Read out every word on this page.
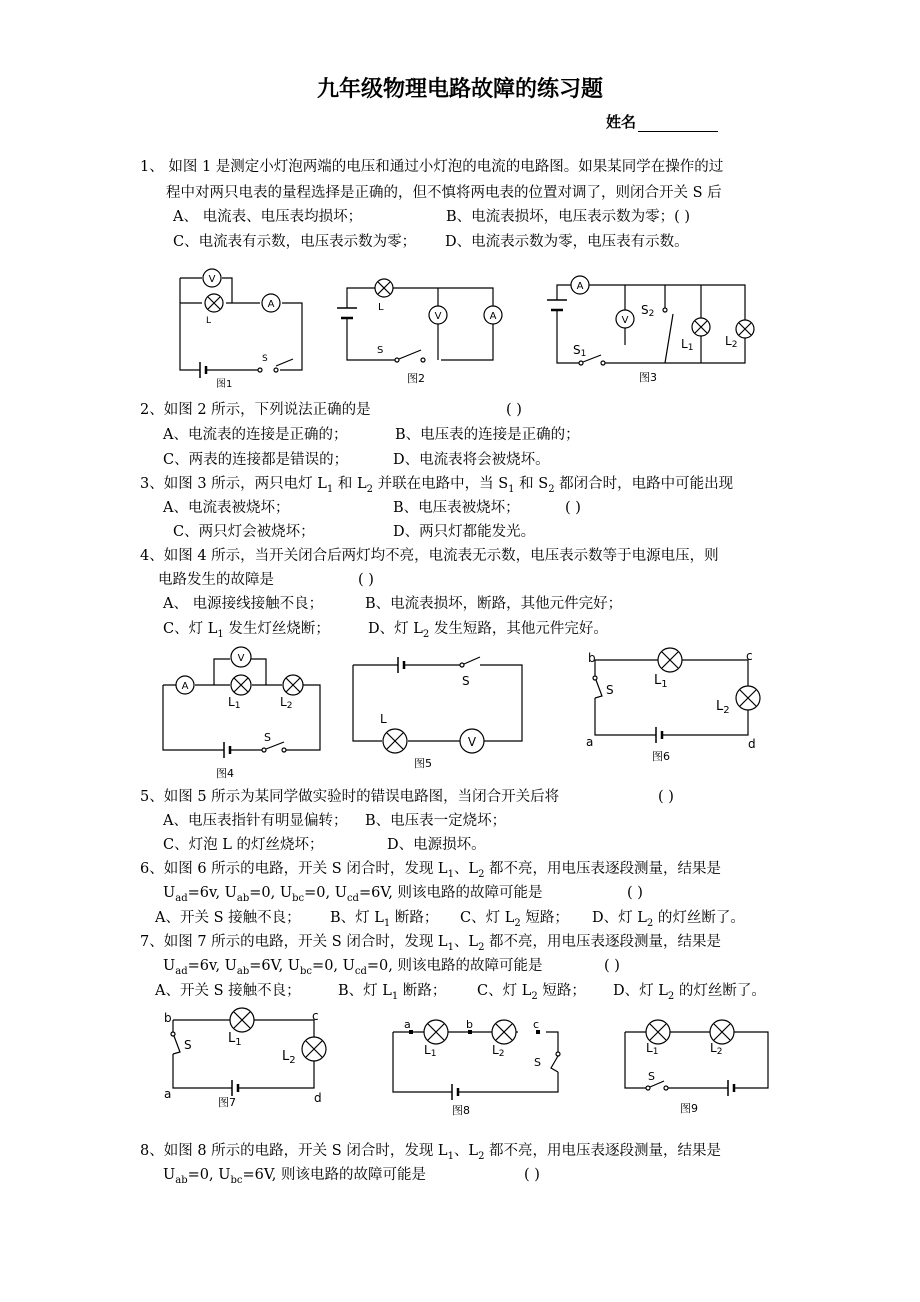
九年级物理电路故障的练习题
姓名
1、 如图 1 是测定小灯泡两端的电压和通过小灯泡的电流的电路图。如果某同学在操作的过
程中对两只电表的量程选择是正确的，但不慎将两电表的位置对调了，则闭合开关 S 后
A、 电流表、电压表均损坏；	B、电流表损坏，电压表示数为零；( )
C、电流表有示数，电压表示数为零； D、电流表示数为零，电压表有示数。
V
A
L
S
图1
V	A
L
S
图2
A
V
S2
L1	L2
S1
图3
2、如图 2 所示，下列说法正确的是	( )
A、电流表的连接是正确的；	B、电压表的连接是正确的；
C、两表的连接都是错误的；	D、电流表将会被烧坏。
3、如图 3 所示，两只电灯 $L_1$ 和 $L_2$ 并联在电路中，当 $S_1$ 和 $S_2$ 都闭合时，电路中可能出现
A、电流表被烧坏；	B、电压表被烧坏；	( )
C、两只灯会被烧坏；	D、两只灯都能发光。
4、如图 4 所示，当开关闭合后两灯均不亮，电流表无示数，电压表示数等于电源电压，则
电路发生的故障是	( )
A、 电源接线接触不良；	B、电流表损坏，断路，其他元件完好；
C、灯 $L_1$ 发生灯丝烧断；	D、灯 $L_2$ 发生短路，其他元件完好。
A
V
L1	L2
S
图4
V
S
L
图5
b	c
a	d
S
$L_1$
$L_2$
图6
5、如图 5 所示为某同学做实验时的错误电路图，当闭合开关后将	( )
A、电压表指针有明显偏转； B、电压表一定烧坏；
C、灯泡 L 的灯丝烧坏；	D、电源损坏。
6、如图 6 所示的电路，开关 S 闭合时，发现 $L_1$、$L_2$ 都不亮，用电压表逐段测量，结果是
$U_{ad}=6v$, $U_{ab}=0$, $U_{bc}=0$, $U_{cd}=6V$, 则该电路的故障可能是	( )
A、开关 S 接触不良； B、灯 $L_1$ 断路； C、灯 $L_2$ 短路； D、灯 $L_2$ 的灯丝断了。
7、如图 7 所示的电路，开关 S 闭合时，发现 $L_1$、$L_2$ 都不亮，用电压表逐段测量，结果是
$U_{ad}=6v$, $U_{ab}=6V$, $U_{bc}=0$, $U_{cd}=0$, 则该电路的故障可能是	( )
A、开关 S 接触不良；	B、灯 $L_1$ 断路； C、灯 $L_2$ 短路； D、灯 $L_2$ 的灯丝断了。
b	c
a	d
S	$L_1$
$L_2$
图7
a	b	c
L1	L2
S
图8
L1	L2
S
图9
8、如图 8 所示的电路，开关 S 闭合时，发现 $L_1$、$L_2$ 都不亮，用电压表逐段测量，结果是
$U_{ab}=0$, $U_{bc}=6V$, 则该电路的故障可能是	( )
